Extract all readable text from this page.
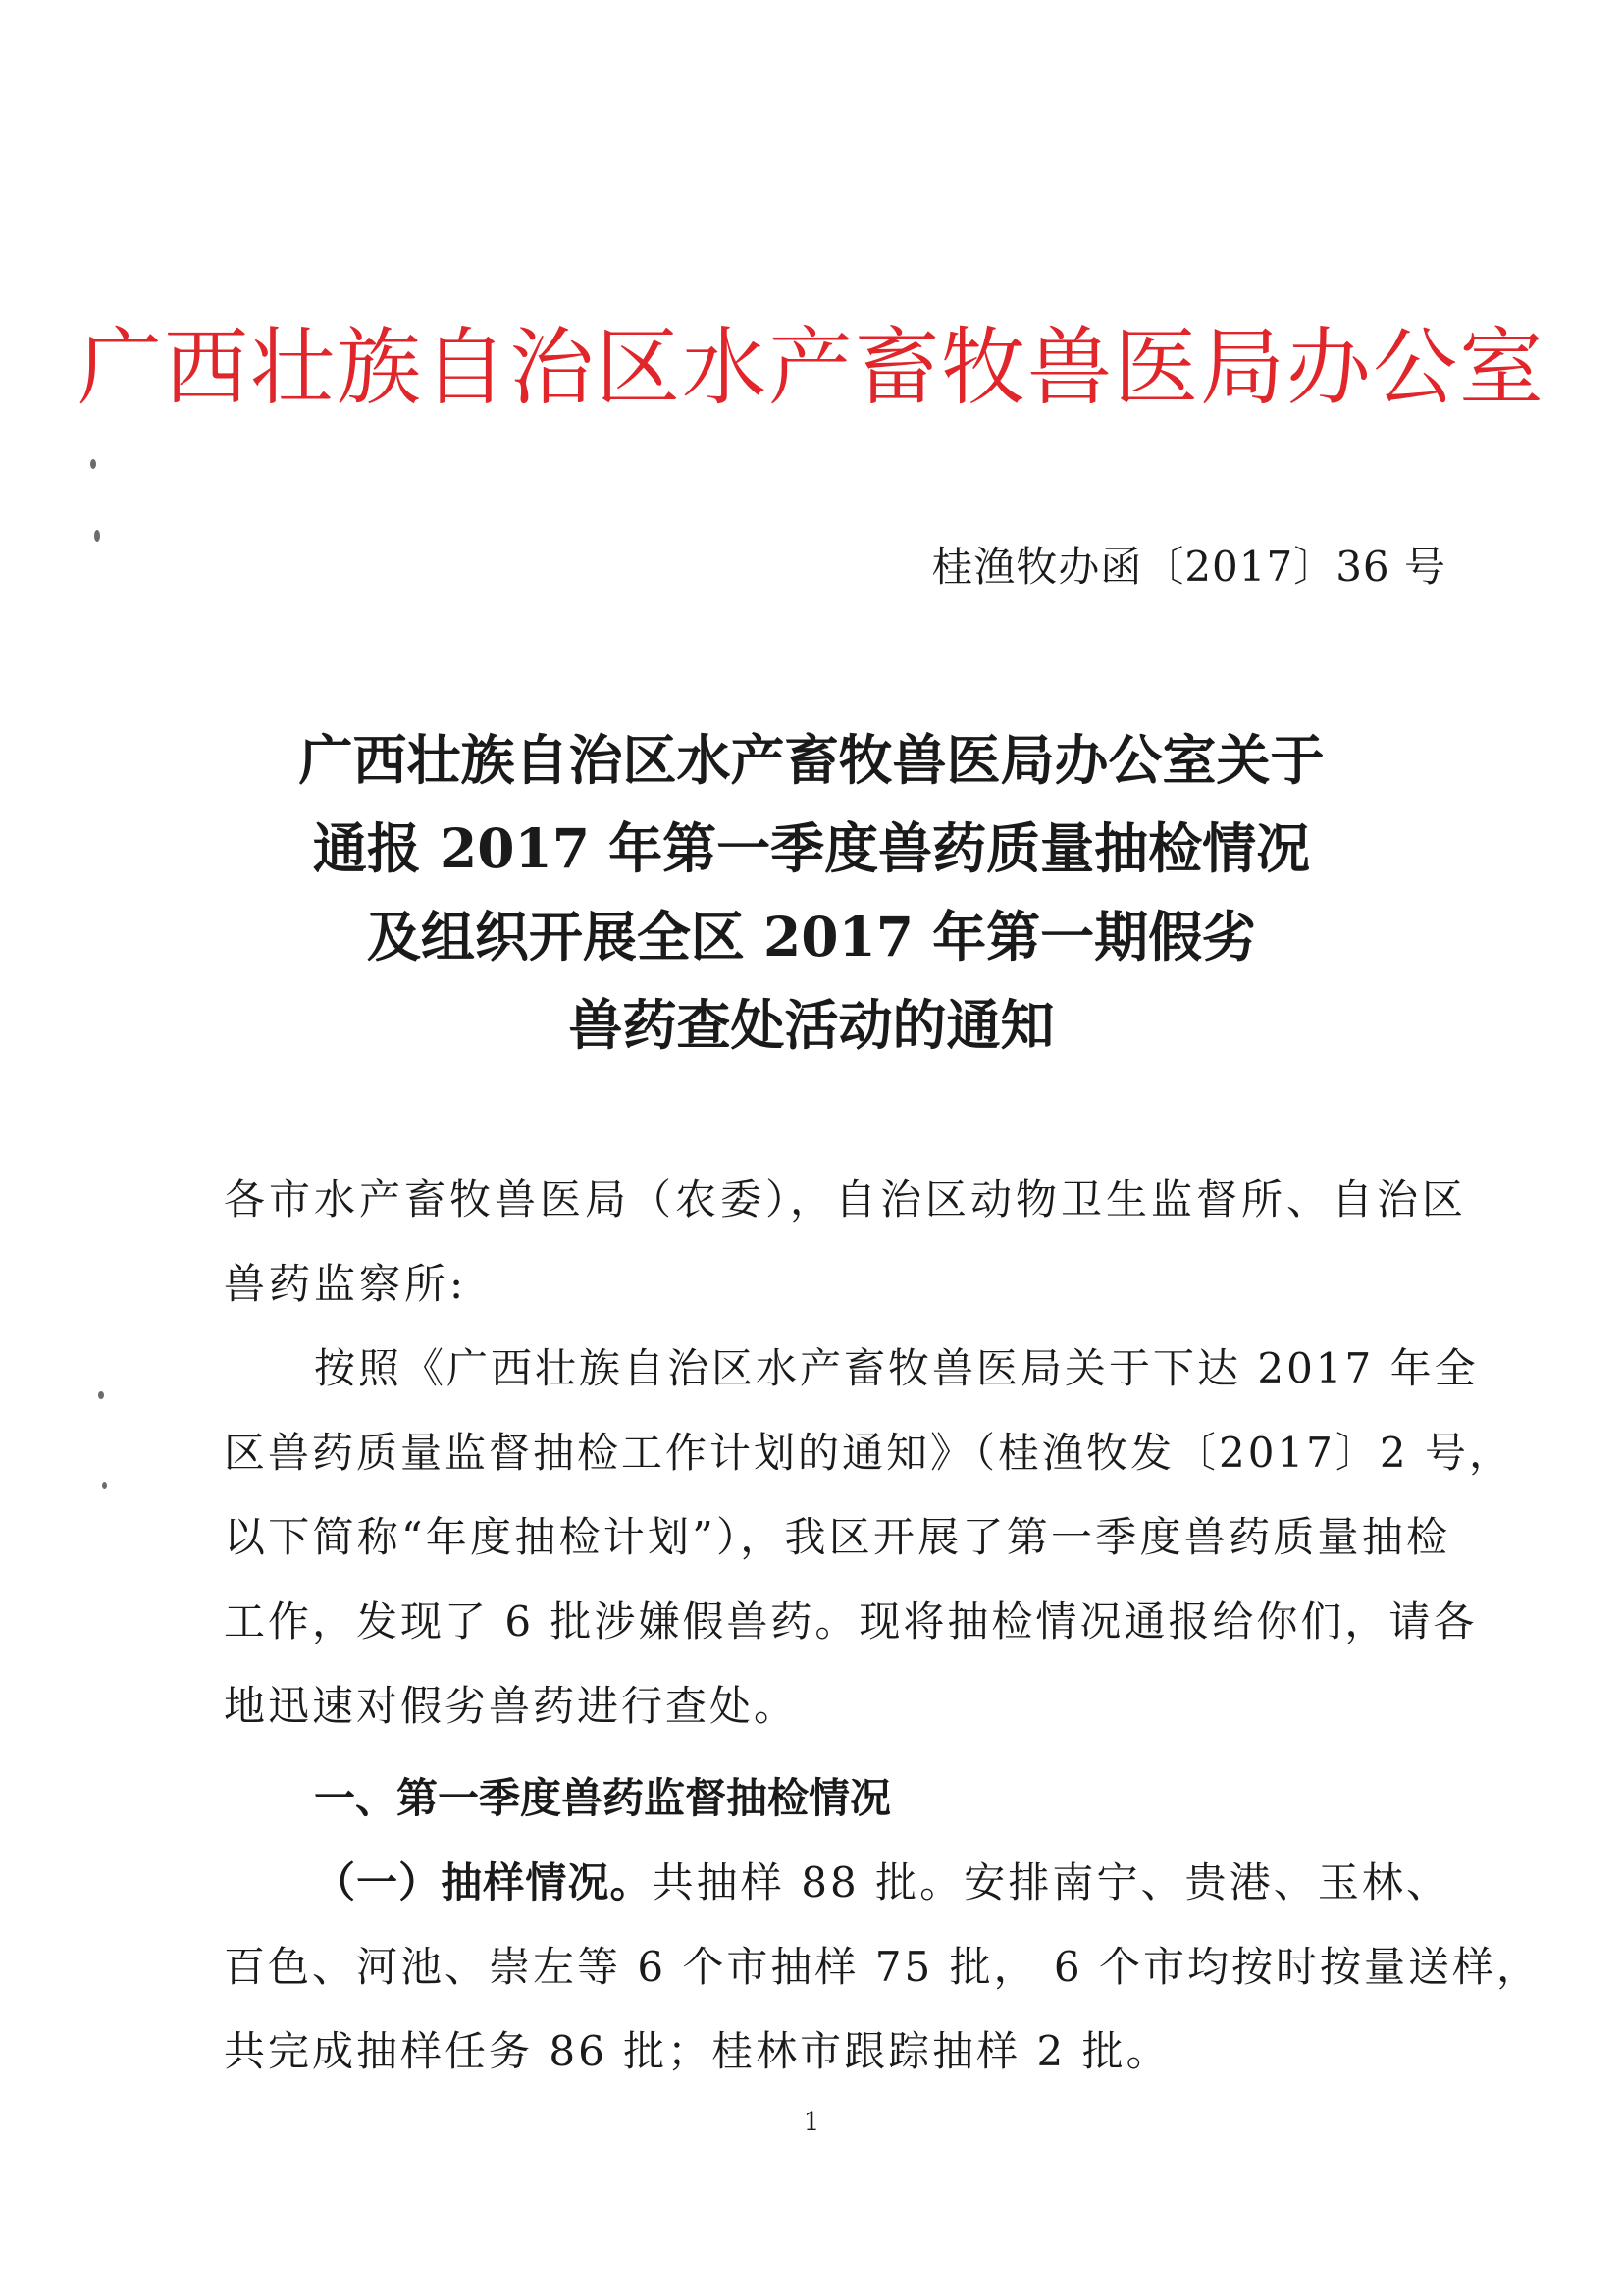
广西壮族自治区水产畜牧兽医局办公室
桂渔牧办函〔2017〕36 号
广西壮族自治区水产畜牧兽医局办公室关于
通报 2017 年第一季度兽药质量抽检情况
及组织开展全区 2017 年第一期假劣
兽药查处活动的通知
各市水产畜牧兽医局（农委），自治区动物卫生监督所、自治区
兽药监察所:
按照《广西壮族自治区水产畜牧兽医局关于下达 2017 年全
区兽药质量监督抽检工作计划的通知》（桂渔牧发〔2017〕2 号，
以下简称“年度抽检计划”），我区开展了第一季度兽药质量抽检
工作，发现了 6 批涉嫌假兽药。现将抽检情况通报给你们，请各
地迅速对假劣兽药进行查处。
一、第一季度兽药监督抽检情况
（一）抽样情况。共抽样 88 批。安排南宁、贵港、玉林、
百色、河池、崇左等 6 个市抽样 75 批， 6 个市均按时按量送样，
共完成抽样任务 86 批；桂林市跟踪抽样 2 批。
1
